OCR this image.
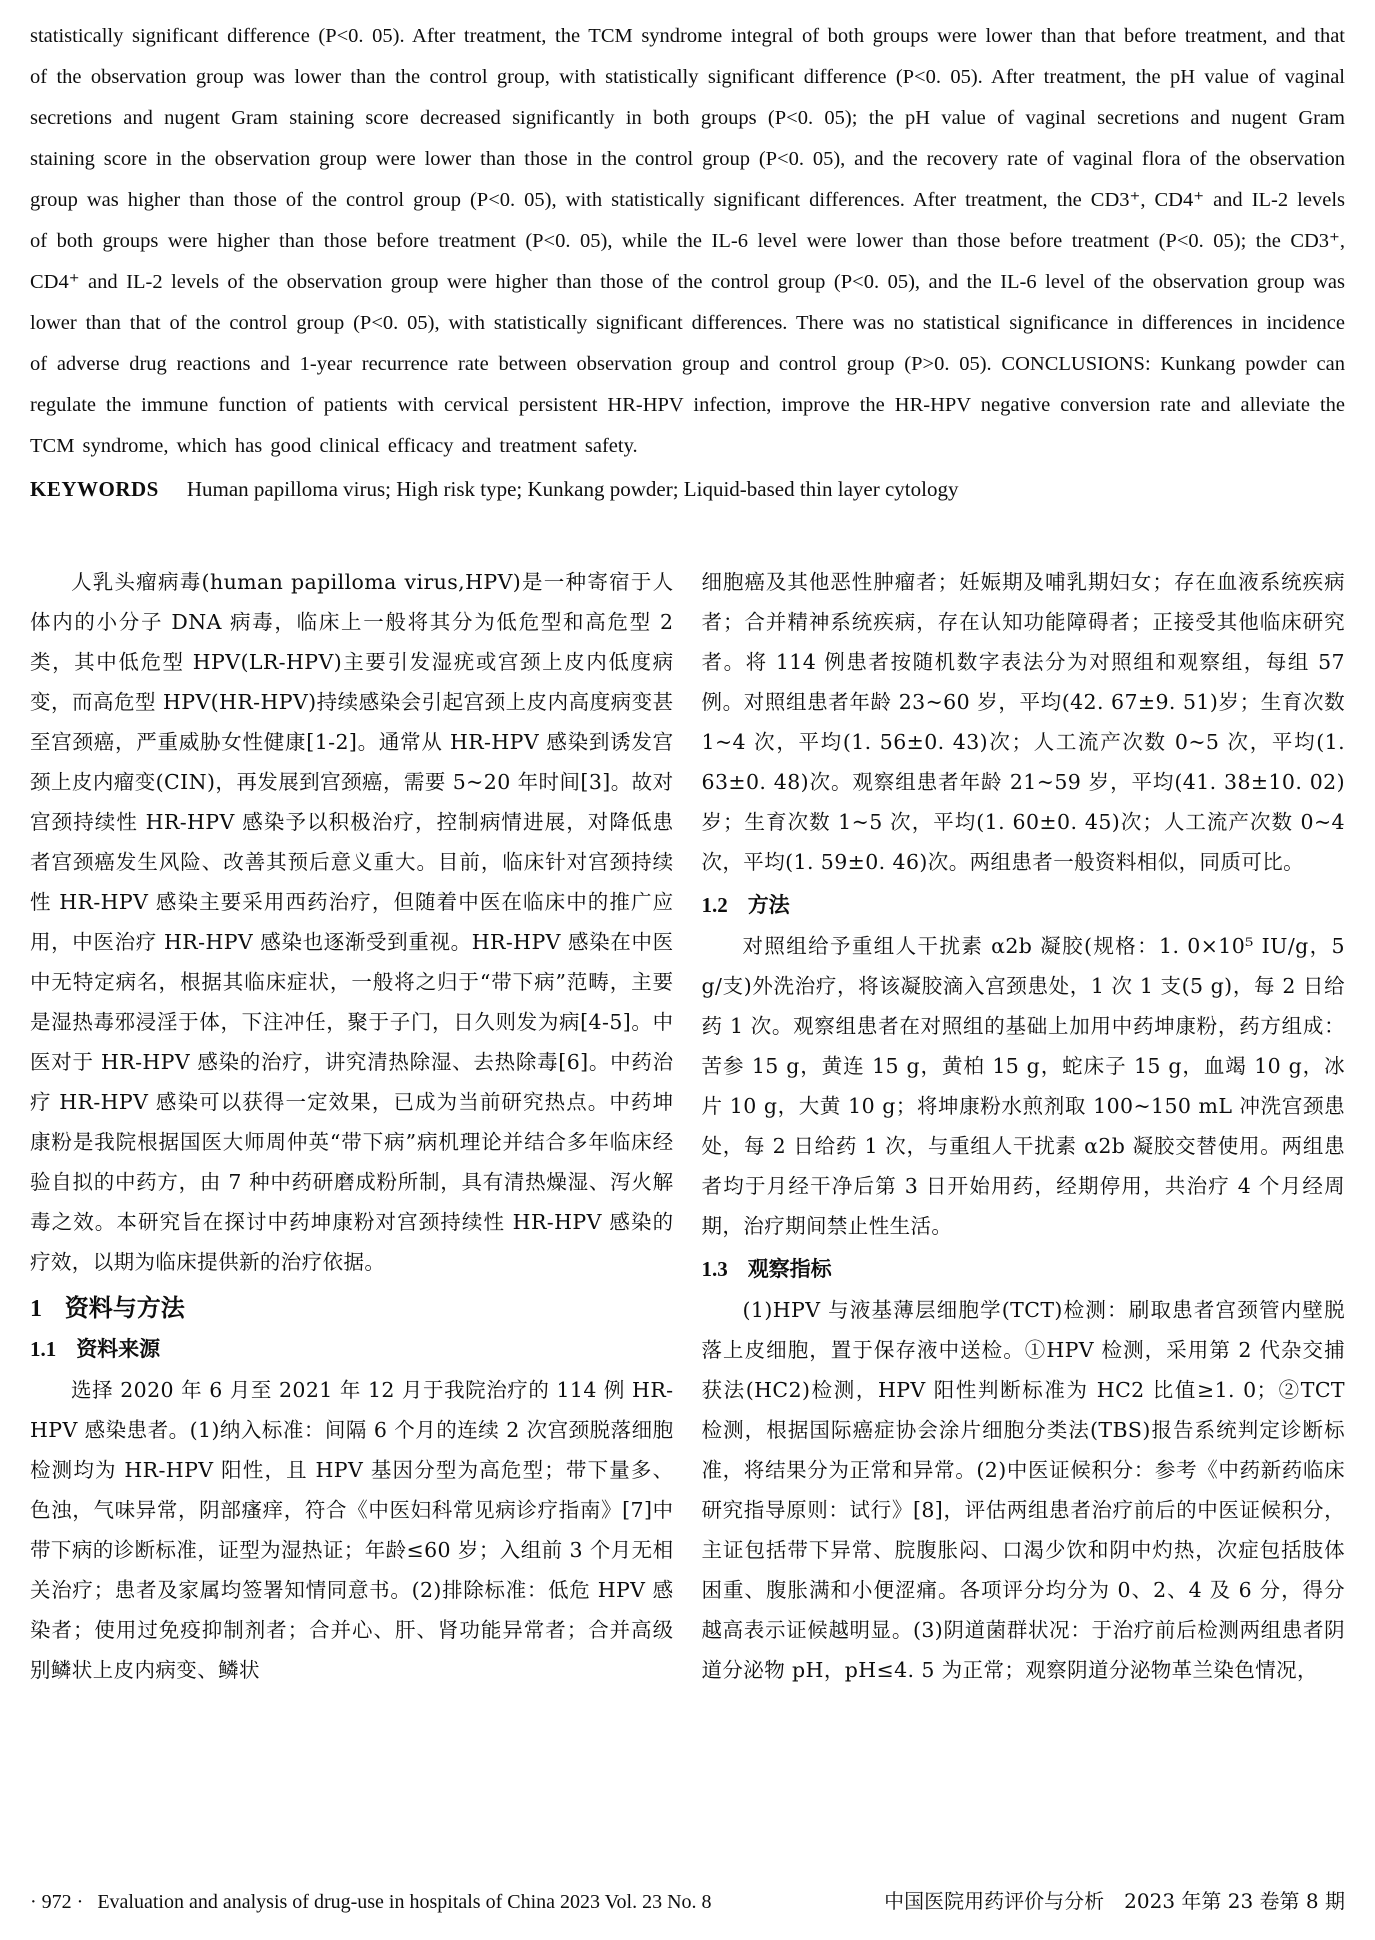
statistically significant difference (P<0. 05). After treatment, the TCM syndrome integral of both groups were lower than that before treatment, and that of the observation group was lower than the control group, with statistically significant difference (P<0. 05). After treatment, the pH value of vaginal secretions and nugent Gram staining score decreased significantly in both groups (P<0. 05); the pH value of vaginal secretions and nugent Gram staining score in the observation group were lower than those in the control group (P<0. 05), and the recovery rate of vaginal flora of the observation group was higher than those of the control group (P<0. 05), with statistically significant differences. After treatment, the CD3⁺, CD4⁺ and IL-2 levels of both groups were higher than those before treatment (P<0. 05), while the IL-6 level were lower than those before treatment (P<0. 05); the CD3⁺, CD4⁺ and IL-2 levels of the observation group were higher than those of the control group (P<0. 05), and the IL-6 level of the observation group was lower than that of the control group (P<0. 05), with statistically significant differences. There was no statistical significance in differences in incidence of adverse drug reactions and 1-year recurrence rate between observation group and control group (P>0. 05). CONCLUSIONS: Kunkang powder can regulate the immune function of patients with cervical persistent HR-HPV infection, improve the HR-HPV negative conversion rate and alleviate the TCM syndrome, which has good clinical efficacy and treatment safety.

KEYWORDS Human papilloma virus; High risk type; Kunkang powder; Liquid-based thin layer cytology

人乳头瘤病毒(human papilloma virus,HPV)是一种寄宿于人体内的小分子 DNA 病毒，临床上一般将其分为低危型和高危型 2 类，其中低危型 HPV(LR-HPV)主要引发湿疣或宫颈上皮内低度病变，而高危型 HPV(HR-HPV)持续感染会引起宫颈上皮内高度病变甚至宫颈癌，严重威胁女性健康[1-2]。通常从 HR-HPV 感染到诱发宫颈上皮内瘤变(CIN)，再发展到宫颈癌，需要 5~20 年时间[3]。故对宫颈持续性 HR-HPV 感染予以积极治疗，控制病情进展，对降低患者宫颈癌发生风险、改善其预后意义重大。目前，临床针对宫颈持续性 HR-HPV 感染主要采用西药治疗，但随着中医在临床中的推广应用，中医治疗 HR-HPV 感染也逐渐受到重视。HR-HPV 感染在中医中无特定病名，根据其临床症状，一般将之归于“带下病”范畴，主要是湿热毒邪浸淫于体，下注冲任，聚于子门，日久则发为病[4-5]。中医对于 HR-HPV 感染的治疗，讲究清热除湿、去热除毒[6]。中药治疗 HR-HPV 感染可以获得一定效果，已成为当前研究热点。中药坤康粉是我院根据国医大师周仲英“带下病”病机理论并结合多年临床经验自拟的中药方，由 7 种中药研磨成粉所制，具有清热燥湿、泻火解毒之效。本研究旨在探讨中药坤康粉对宫颈持续性 HR-HPV 感染的疗效，以期为临床提供新的治疗依据。

1 资料与方法
1.1 资料来源

选择 2020 年 6 月至 2021 年 12 月于我院治疗的 114 例 HR-HPV 感染患者。(1)纳入标准：间隔 6 个月的连续 2 次宫颈脱落细胞检测均为 HR-HPV 阳性，且 HPV 基因分型为高危型；带下量多、色浊，气味异常，阴部瘙痒，符合《中医妇科常见病诊疗指南》[7]中带下病的诊断标准，证型为湿热证；年龄≤60 岁；入组前 3 个月无相关治疗；患者及家属均签署知情同意书。(2)排除标准：低危 HPV 感染者；使用过免疫抑制剂者；合并心、肝、肾功能异常者；合并高级别鳞状上皮内病变、鳞状

细胞癌及其他恶性肿瘤者；妊娠期及哺乳期妇女；存在血液系统疾病者；合并精神系统疾病，存在认知功能障碍者；正接受其他临床研究者。将 114 例患者按随机数字表法分为对照组和观察组，每组 57 例。对照组患者年龄 23~60 岁，平均(42. 67±9. 51)岁；生育次数 1~4 次，平均(1. 56±0. 43)次；人工流产次数 0~5 次，平均(1. 63±0. 48)次。观察组患者年龄 21~59 岁，平均(41. 38±10. 02)岁；生育次数 1~5 次，平均(1. 60±0. 45)次；人工流产次数 0~4 次，平均(1. 59±0. 46)次。两组患者一般资料相似，同质可比。

1.2 方法

对照组给予重组人干扰素 α2b 凝胶(规格：1. 0×10⁵ IU/g，5 g/支)外洗治疗，将该凝胶滴入宫颈患处，1 次 1 支(5 g)，每 2 日给药 1 次。观察组患者在对照组的基础上加用中药坤康粉，药方组成：苦参 15 g，黄连 15 g，黄柏 15 g，蛇床子 15 g，血竭 10 g，冰片 10 g，大黄 10 g；将坤康粉水煎剂取 100~150 mL 冲洗宫颈患处，每 2 日给药 1 次，与重组人干扰素 α2b 凝胶交替使用。两组患者均于月经干净后第 3 日开始用药，经期停用，共治疗 4 个月经周期，治疗期间禁止性生活。

1.3 观察指标

(1)HPV 与液基薄层细胞学(TCT)检测：刷取患者宫颈管内壁脱落上皮细胞，置于保存液中送检。①HPV 检测，采用第 2 代杂交捕获法(HC2)检测，HPV 阳性判断标准为 HC2 比值≥1. 0；②TCT 检测，根据国际癌症协会涂片细胞分类法(TBS)报告系统判定诊断标准，将结果分为正常和异常。(2)中医证候积分：参考《中药新药临床研究指导原则：试行》[8]，评估两组患者治疗前后的中医证候积分，主证包括带下异常、脘腹胀闷、口渴少饮和阴中灼热，次症包括肢体困重、腹胀满和小便涩痛。各项评分均分为 0、2、4 及 6 分，得分越高表示证候越明显。(3)阴道菌群状况：于治疗前后检测两组患者阴道分泌物 pH，pH≤4. 5 为正常；观察阴道分泌物革兰染色情况，

· 972 · Evaluation and analysis of drug-use in hospitals of China 2023 Vol. 23 No. 8	中国医院用药评价与分析　2023 年第 23 卷第 8 期
